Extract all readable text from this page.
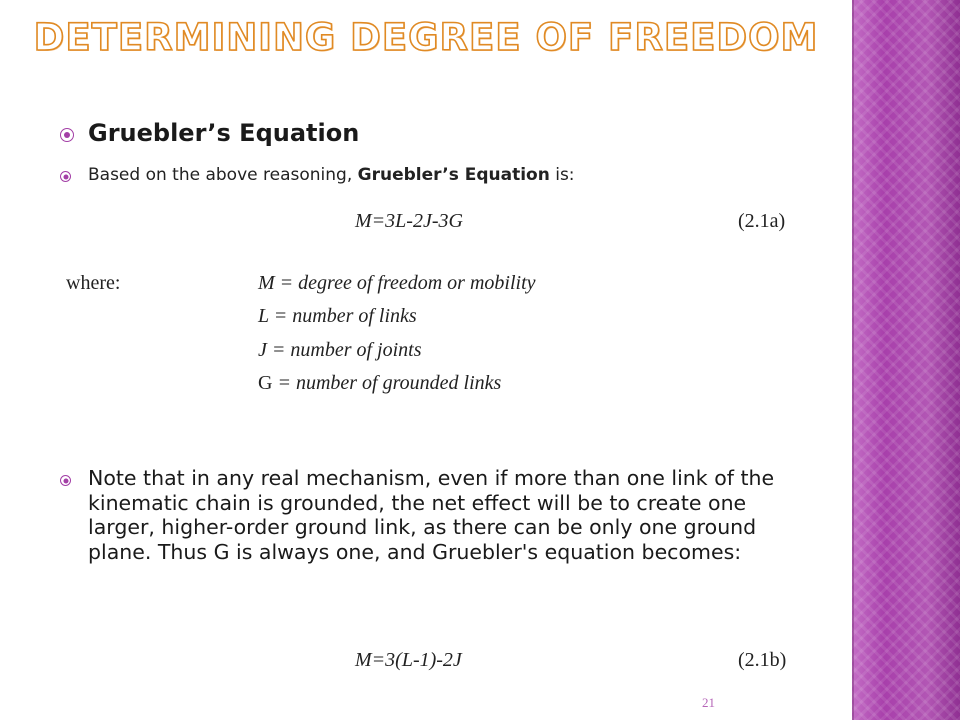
DETERMINING DEGREE OF FREEDOM
Gruebler’s Equation
Based on the above reasoning, Gruebler’s Equation is:
M=3L-2J-3G	(2.1a)
where:	M = degree of freedom or mobility
L = number of links
J = number of joints
G = number of grounded links
Note that in any real mechanism, even if more than one link of the kinematic chain is grounded, the net effect will be to create one larger, higher-order ground link, as there can be only one ground plane. Thus G is always one, and Gruebler's equation becomes:
M=3(L-1)-2J	(2.1b)
21
